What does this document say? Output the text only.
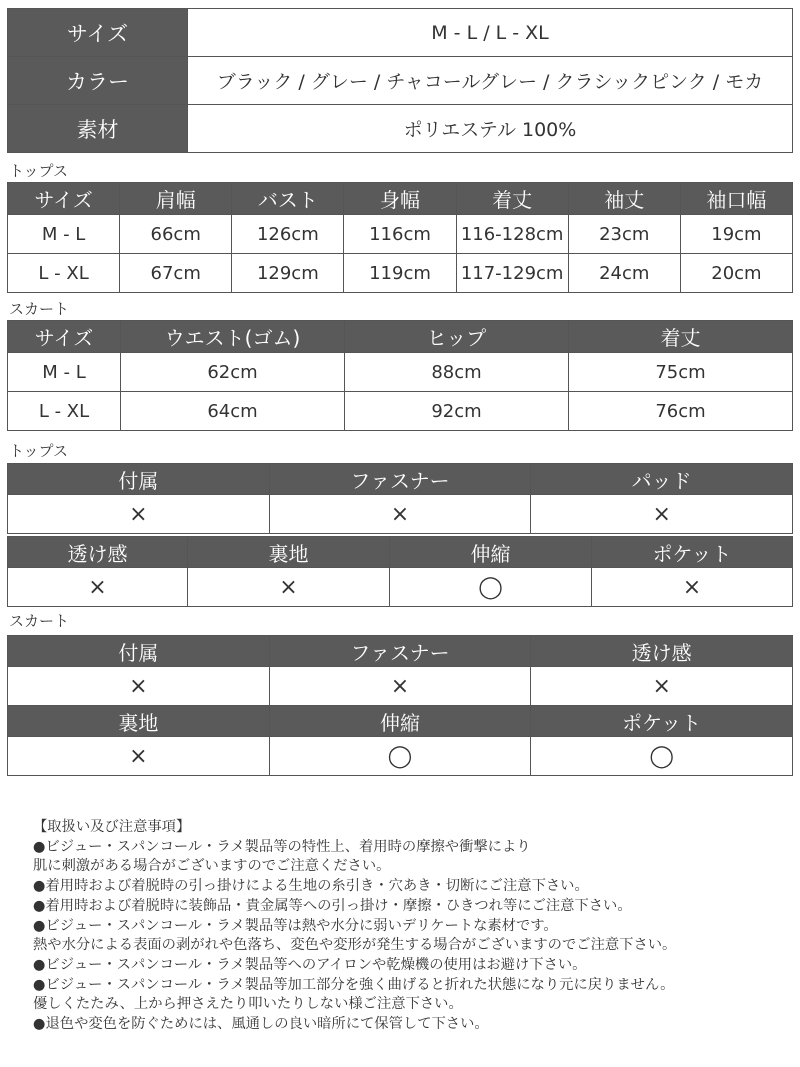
サイズ	M - L / L - XL
カラー	ブラック / グレー / チャコールグレー / クラシックピンク / モカ
素材	ポリエステル 100%
トップス
サイズ	肩幅	バスト	身幅	着丈	袖丈	袖口幅
M - L	66cm	126cm	116cm	116-128cm	23cm	19cm
L - XL	67cm	129cm	119cm	117-129cm	24cm	20cm
スカート
サイズ	ウエスト(ゴム)	ヒップ	着丈
M - L	62cm	88cm	75cm
L - XL	64cm	92cm	76cm
トップス
付属	ファスナー	パッド
×	×	×
透け感	裏地	伸縮	ポケット
×	×	◯	×
スカート
付属	ファスナー	透け感
×	×	×
裏地	伸縮	ポケット
×	◯	◯
【取扱い及び注意事項】
●ビジュー・スパンコール・ラメ製品等の特性上、着用時の摩擦や衝撃により
肌に刺激がある場合がございますのでご注意ください。
●着用時および着脱時の引っ掛けによる生地の糸引き・穴あき・切断にご注意下さい。
●着用時および着脱時に装飾品・貴金属等への引っ掛け・摩擦・ひきつれ等にご注意下さい。
●ビジュー・スパンコール・ラメ製品等は熱や水分に弱いデリケートな素材です。
熱や水分による表面の剥がれや色落ち、変色や変形が発生する場合がございますのでご注意下さい。
●ビジュー・スパンコール・ラメ製品等へのアイロンや乾燥機の使用はお避け下さい。
●ビジュー・スパンコール・ラメ製品等加工部分を強く曲げると折れた状態になり元に戻りません。
優しくたたみ、上から押さえたり叩いたりしない様ご注意下さい。
●退色や変色を防ぐためには、風通しの良い暗所にて保管して下さい。
